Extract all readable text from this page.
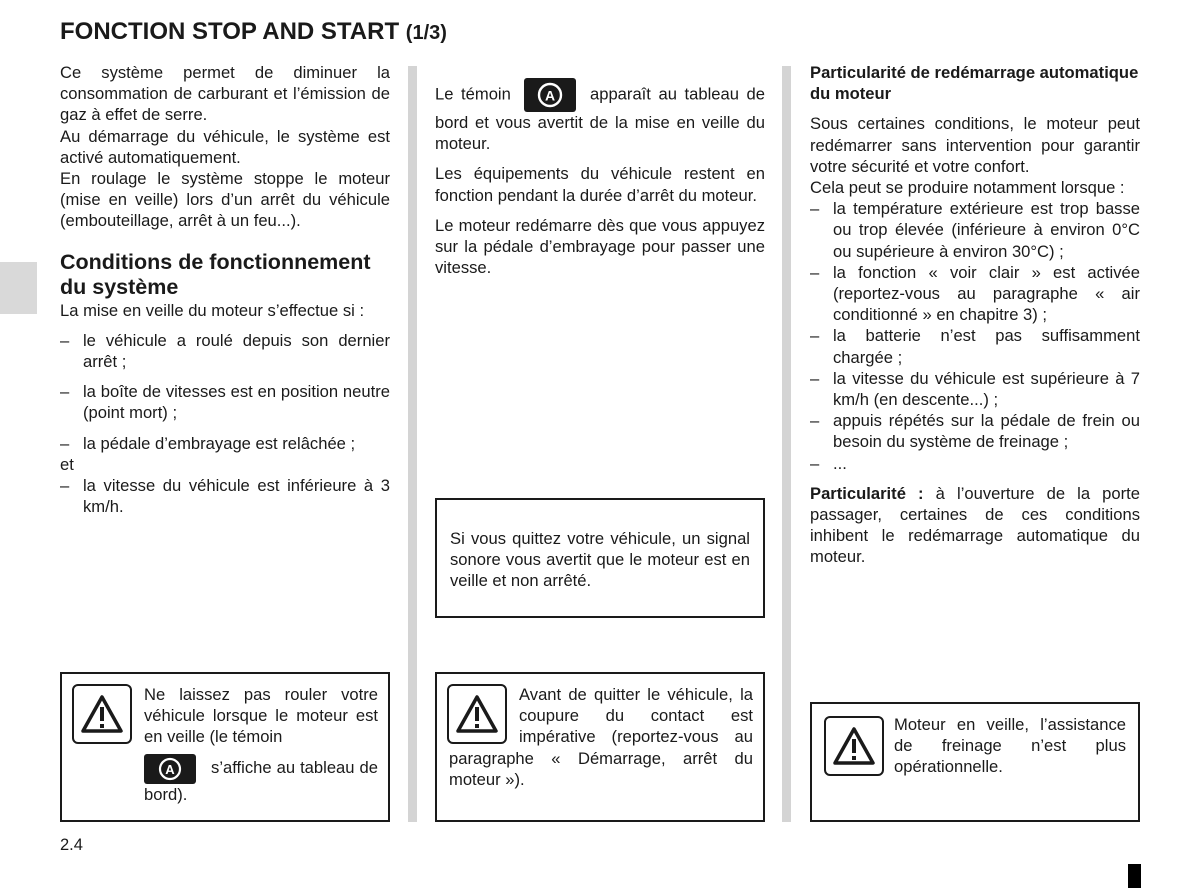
FONCTION STOP AND START (1/3)

Ce système permet de diminuer la consommation de carburant et l’émission de gaz à effet de serre.

Au démarrage du véhicule, le système est activé automatiquement.

En roulage le système stoppe le moteur (mise en veille) lors d’un arrêt du véhicule (embouteillage, arrêt à un feu...).

Conditions de fonctionnement du système

La mise en veille du moteur s’effectue si :

– le véhicule a roulé depuis son dernier arrêt ;
– la boîte de vitesses est en position neutre (point mort) ;
– la pédale d’embrayage est relâchée ;

et

– la vitesse du véhicule est inférieure à 3 km/h.
Ne laissez pas rouler votre véhicule lorsque le moteur est en veille (le témoin
A s’affiche au tableau de bord).

Le témoin A apparaît au tableau de bord et vous avertit de la mise en veille du moteur.

Les équipements du véhicule restent en fonction pendant la durée d’arrêt du moteur.

Le moteur redémarre dès que vous appuyez sur la pédale d’embrayage pour passer une vitesse.

Si vous quittez votre véhicule, un signal sonore vous avertit que le moteur est en veille et non arrêté.
Avant de quitter le véhicule, la coupure du contact est impérative (reportez-vous au paragraphe « Démarrage, arrêt du moteur »).
Particularité de redémarrage automatique du moteur

Sous certaines conditions, le moteur peut redémarrer sans intervention pour garantir votre sécurité et votre confort.

Cela peut se produire notamment lorsque :

– la température extérieure est trop basse ou trop élevée (inférieure à environ 0°C ou supérieure à environ 30°C) ;
– la fonction « voir clair » est activée (reportez-vous au paragraphe « air conditionné » en chapitre 3) ;
– la batterie n’est pas suffisamment chargée ;
– la vitesse du véhicule est supérieure à 7 km/h (en descente...) ;
– appuis répétés sur la pédale de frein ou besoin du système de freinage ;
– ...

Particularité : à l’ouverture de la porte passager, certaines de ces conditions inhibent le redémarrage automatique du moteur.

Moteur en veille, l’assistance de freinage n’est plus opérationnelle.
2.4
